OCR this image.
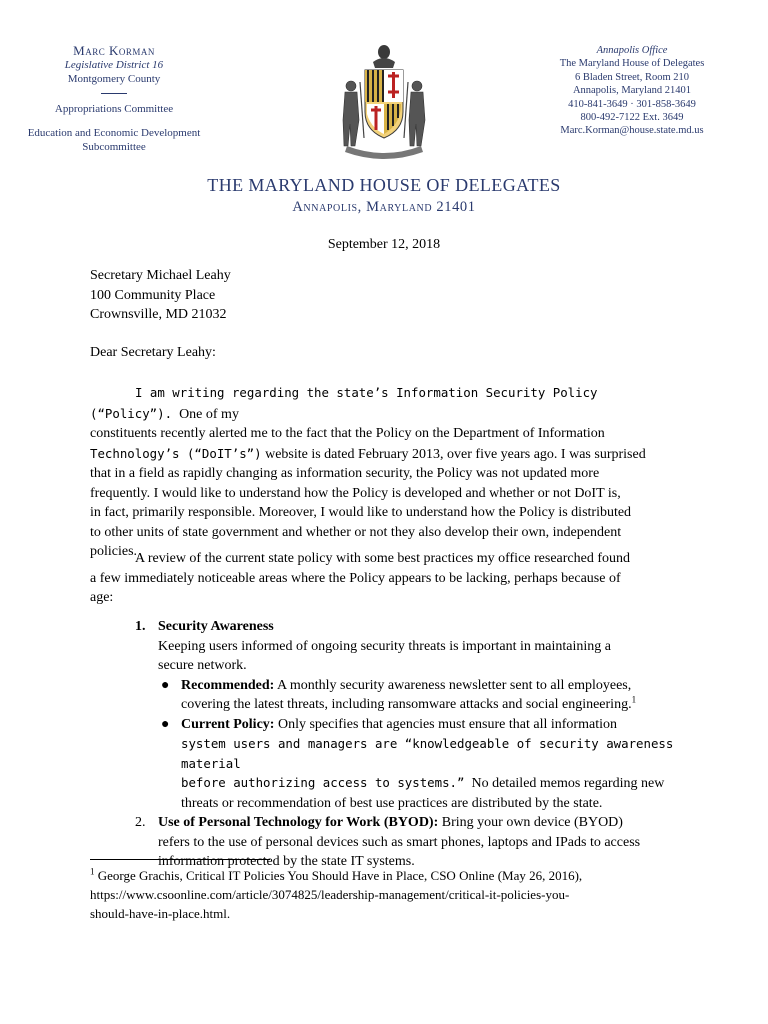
Marc Korman
Legislative District 16
Montgomery County
Appropriations Committee
Education and Economic Development
Subcommittee
Annapolis Office
The Maryland House of Delegates
6 Bladen Street, Room 210
Annapolis, Maryland 21401
410-841-3649 · 301-858-3649
800-492-7122 Ext. 3649
Marc.Korman@house.state.md.us
THE MARYLAND HOUSE OF DELEGATES
Annapolis, Maryland 21401
September 12, 2018
Secretary Michael Leahy
100 Community Place
Crownsville, MD 21032
Dear Secretary Leahy:
I am writing regarding the state’s Information Security Policy (“Policy”). One of my
constituents recently alerted me to the fact that the Policy on the Department of Information
Technology’s (“DoIT’s”) website is dated February 2013, over five years ago. I was surprised
that in a field as rapidly changing as information security, the Policy was not updated more
frequently. I would like to understand how the Policy is developed and whether or not DoIT is,
in fact, primarily responsible. Moreover, I would like to understand how the Policy is distributed
to other units of state government and whether or not they also develop their own, independent
policies.
A review of the current state policy with some best practices my office researched found
a few immediately noticeable areas where the Policy appears to be lacking, perhaps because of
age:
1. Security Awareness
Keeping users informed of ongoing security threats is important in maintaining a
secure network.
● Recommended: A monthly security awareness newsletter sent to all employees,
covering the latest threats, including ransomware attacks and social engineering.$^1$
● Current Policy: Only specifies that agencies must ensure that all information
system users and managers are “knowledgeable of security awareness material
before authorizing access to systems.” No detailed memos regarding new
threats or recommendation of best use practices are distributed by the state.
2. Use of Personal Technology for Work (BYOD): Bring your own device (BYOD)
refers to the use of personal devices such as smart phones, laptops and IPads to access
information protected by the state IT systems.
$^1$ George Grachis, Critical IT Policies You Should Have in Place, CSO Online (May 26, 2016),
https://www.csoonline.com/article/3074825/leadership-management/critical-it-policies-you-
should-have-in-place.html.
